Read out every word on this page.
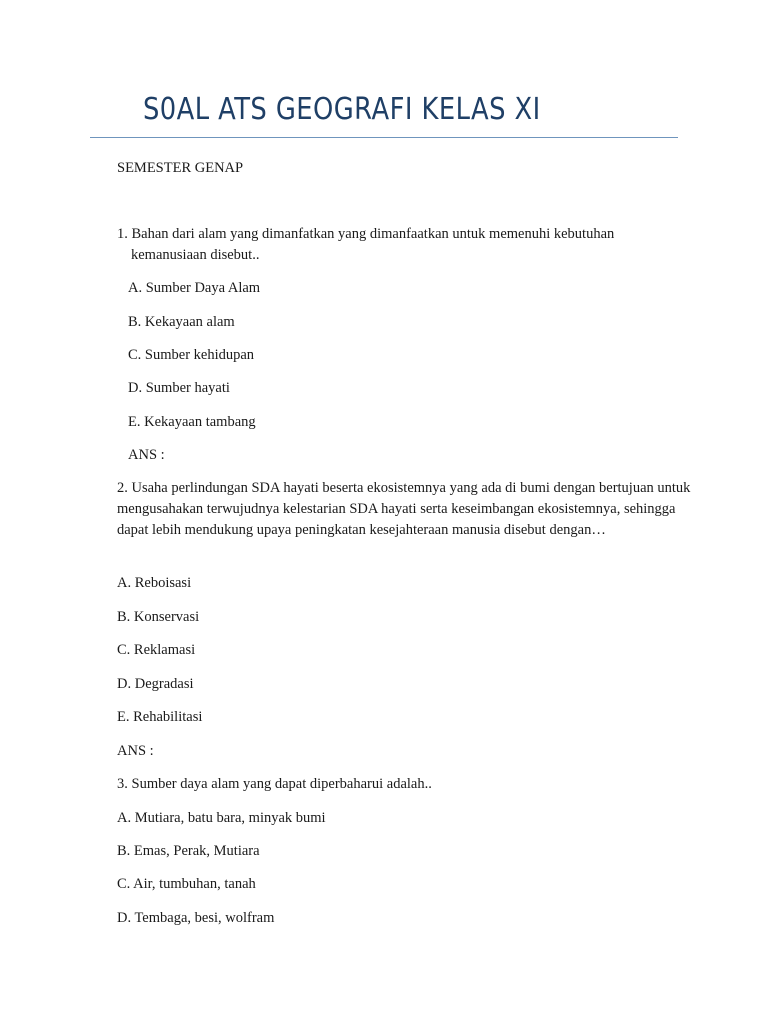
S0AL ATS GEOGRAFI KELAS XI
SEMESTER GENAP
1. Bahan dari alam yang dimanfatkan yang dimanfaatkan untuk memenuhi kebutuhan
kemanusiaan disebut..
A. Sumber Daya Alam
B. Kekayaan alam
C. Sumber kehidupan
D. Sumber hayati
E. Kekayaan tambang
ANS :
2. Usaha perlindungan SDA hayati beserta ekosistemnya yang ada di bumi dengan bertujuan untuk mengusahakan terwujudnya kelestarian SDA hayati serta keseimbangan ekosistemnya, sehingga dapat lebih mendukung upaya peningkatan kesejahteraan manusia disebut dengan…
A. Reboisasi
B. Konservasi
C. Reklamasi
D. Degradasi
E. Rehabilitasi
ANS :
3. Sumber daya alam yang dapat diperbaharui adalah..
A. Mutiara, batu bara, minyak bumi
B. Emas, Perak, Mutiara
C. Air, tumbuhan, tanah
D. Tembaga, besi, wolfram
